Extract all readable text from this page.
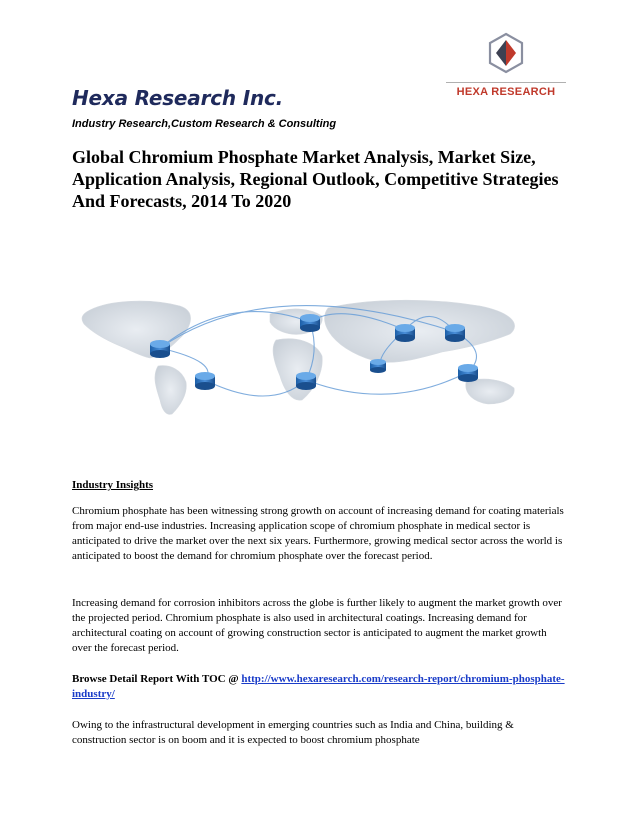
HEXA RESEARCH
Hexa Research Inc.

Industry Research,Custom Research & Consulting

Global Chromium Phosphate Market Analysis, Market Size, Application Analysis, Regional Outlook, Competitive Strategies And Forecasts, 2014 To 2020
Industry Insights

Chromium phosphate has been witnessing strong growth on account of increasing demand for coating materials from major end-use industries. Increasing application scope of chromium phosphate in medical sector is anticipated to drive the market over the next six years. Furthermore, growing medical sector across the world is anticipated to boost the demand for chromium phosphate over the forecast period.

Increasing demand for corrosion inhibitors across the globe is further likely to augment the market growth over the projected period. Chromium phosphate is also used in architectural coatings. Increasing demand for architectural coating on account of growing construction sector is anticipated to augment the market growth over the forecast period.

Browse Detail Report With TOC @ http://www.hexaresearch.com/research-report/chromium-phosphate-industry/

Owing to the infrastructural development in emerging countries such as India and China, building & construction sector is on boom and it is expected to boost chromium phosphate
